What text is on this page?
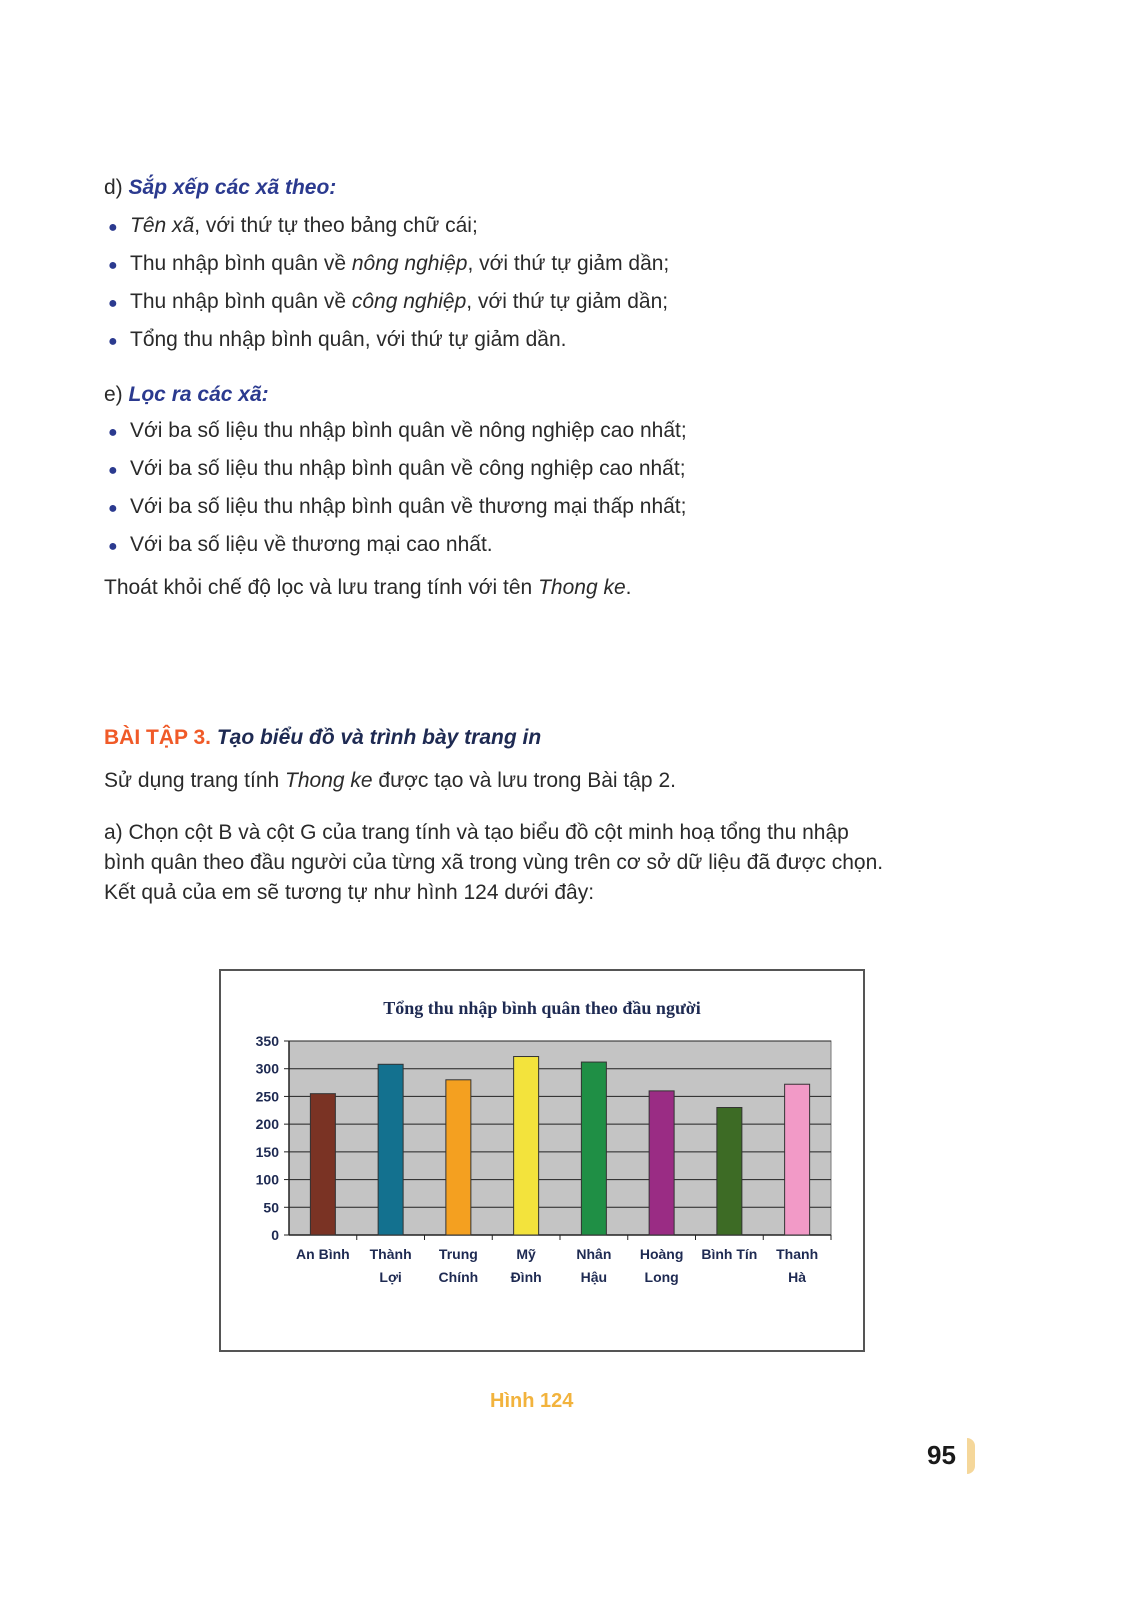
d) Sắp xếp các xã theo:
● Tên xã, với thứ tự theo bảng chữ cái;
● Thu nhập bình quân về nông nghiệp, với thứ tự giảm dần;
● Thu nhập bình quân về công nghiệp, với thứ tự giảm dần;
● Tổng thu nhập bình quân, với thứ tự giảm dần.
e) Lọc ra các xã:
● Với ba số liệu thu nhập bình quân về nông nghiệp cao nhất;
● Với ba số liệu thu nhập bình quân về công nghiệp cao nhất;
● Với ba số liệu thu nhập bình quân về thương mại thấp nhất;
● Với ba số liệu về thương mại cao nhất.
Thoát khỏi chế độ lọc và lưu trang tính với tên Thong ke.
BÀI TẬP 3. Tạo biểu đồ và trình bày trang in
Sử dụng trang tính Thong ke được tạo và lưu trong Bài tập 2.
a) Chọn cột B và cột G của trang tính và tạo biểu đồ cột minh hoạ tổng thu nhập
bình quân theo đầu người của từng xã trong vùng trên cơ sở dữ liệu đã được chọn.
Kết quả của em sẽ tương tự như hình 124 dưới đây:
Tổng thu nhập bình quân theo đầu người
350
300
250
200
150
100
50
0
An Bình Thành
Lợi
Trung
Chính
Mỹ
Đình
Nhân
Hậu
Hoàng
Long
Bình Tín Thanh
Hà
Hình 124
95
